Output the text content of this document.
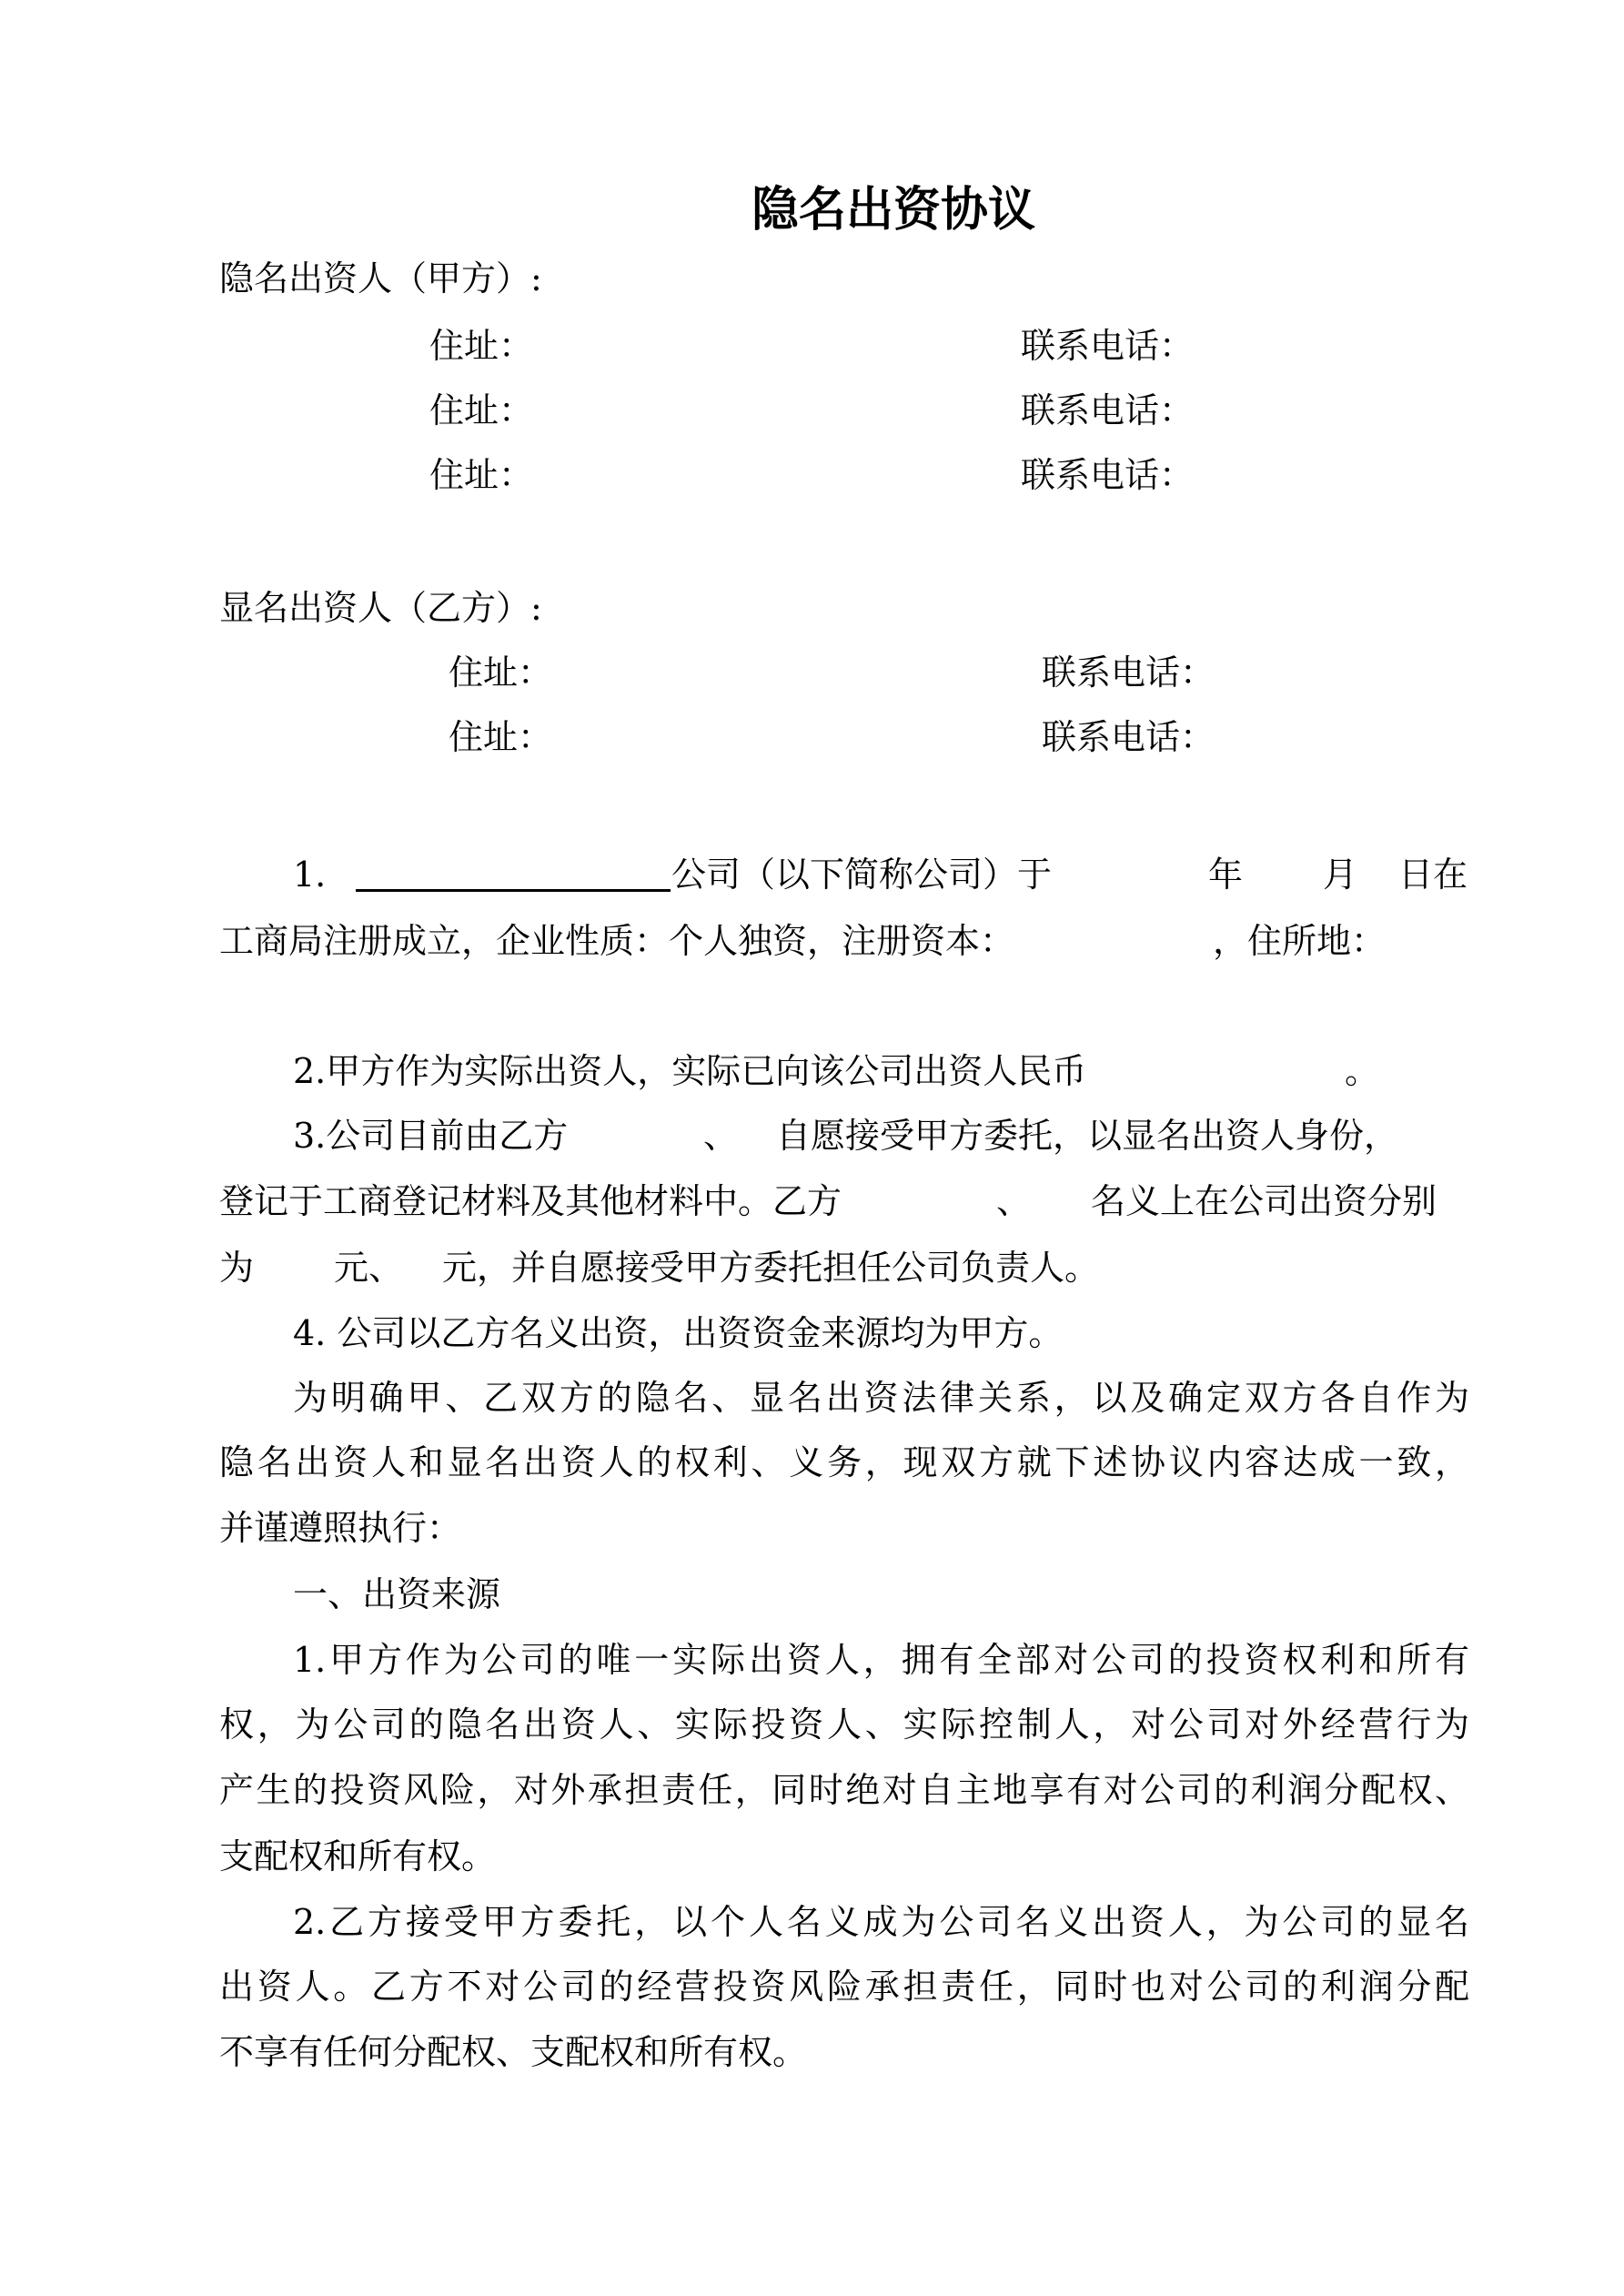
隐名出资协议
隐名出资人（甲方）:
住址：	联系电话：
住址：	联系电话：
住址：	联系电话：
显名出资人（乙方）:
住址：	联系电话：
住址：	联系电话：
1.	公司（以下简称公司）于	年 月 日在
工商局注册成立，企业性质：个人独资，注册资本：	，住所地：
2.甲方作为实际出资人，实际已向该公司出资人民币	。
3.公司目前由乙方	、 自愿接受甲方委托，以显名出资人身份，
登记于工商登记材料及其他材料中。乙方	、 名义上在公司出资分别
为 元、 元，并自愿接受甲方委托担任公司负责人。
4. 公司以乙方名义出资，出资资金来源均为甲方。
为明确甲、乙双方的隐名、显名出资法律关系，以及确定双方各自作为
隐名出资人和显名出资人的权利、义务，现双方就下述协议内容达成一致，
并谨遵照执行：
一、出资来源
1.甲方作为公司的唯一实际出资人，拥有全部对公司的投资权利和所有
权，为公司的隐名出资人、实际投资人、实际控制人，对公司对外经营行为
产生的投资风险，对外承担责任，同时绝对自主地享有对公司的利润分配权、
支配权和所有权。
2.乙方接受甲方委托，以个人名义成为公司名义出资人，为公司的显名
出资人。乙方不对公司的经营投资风险承担责任，同时也对公司的利润分配
不享有任何分配权、支配权和所有权。
